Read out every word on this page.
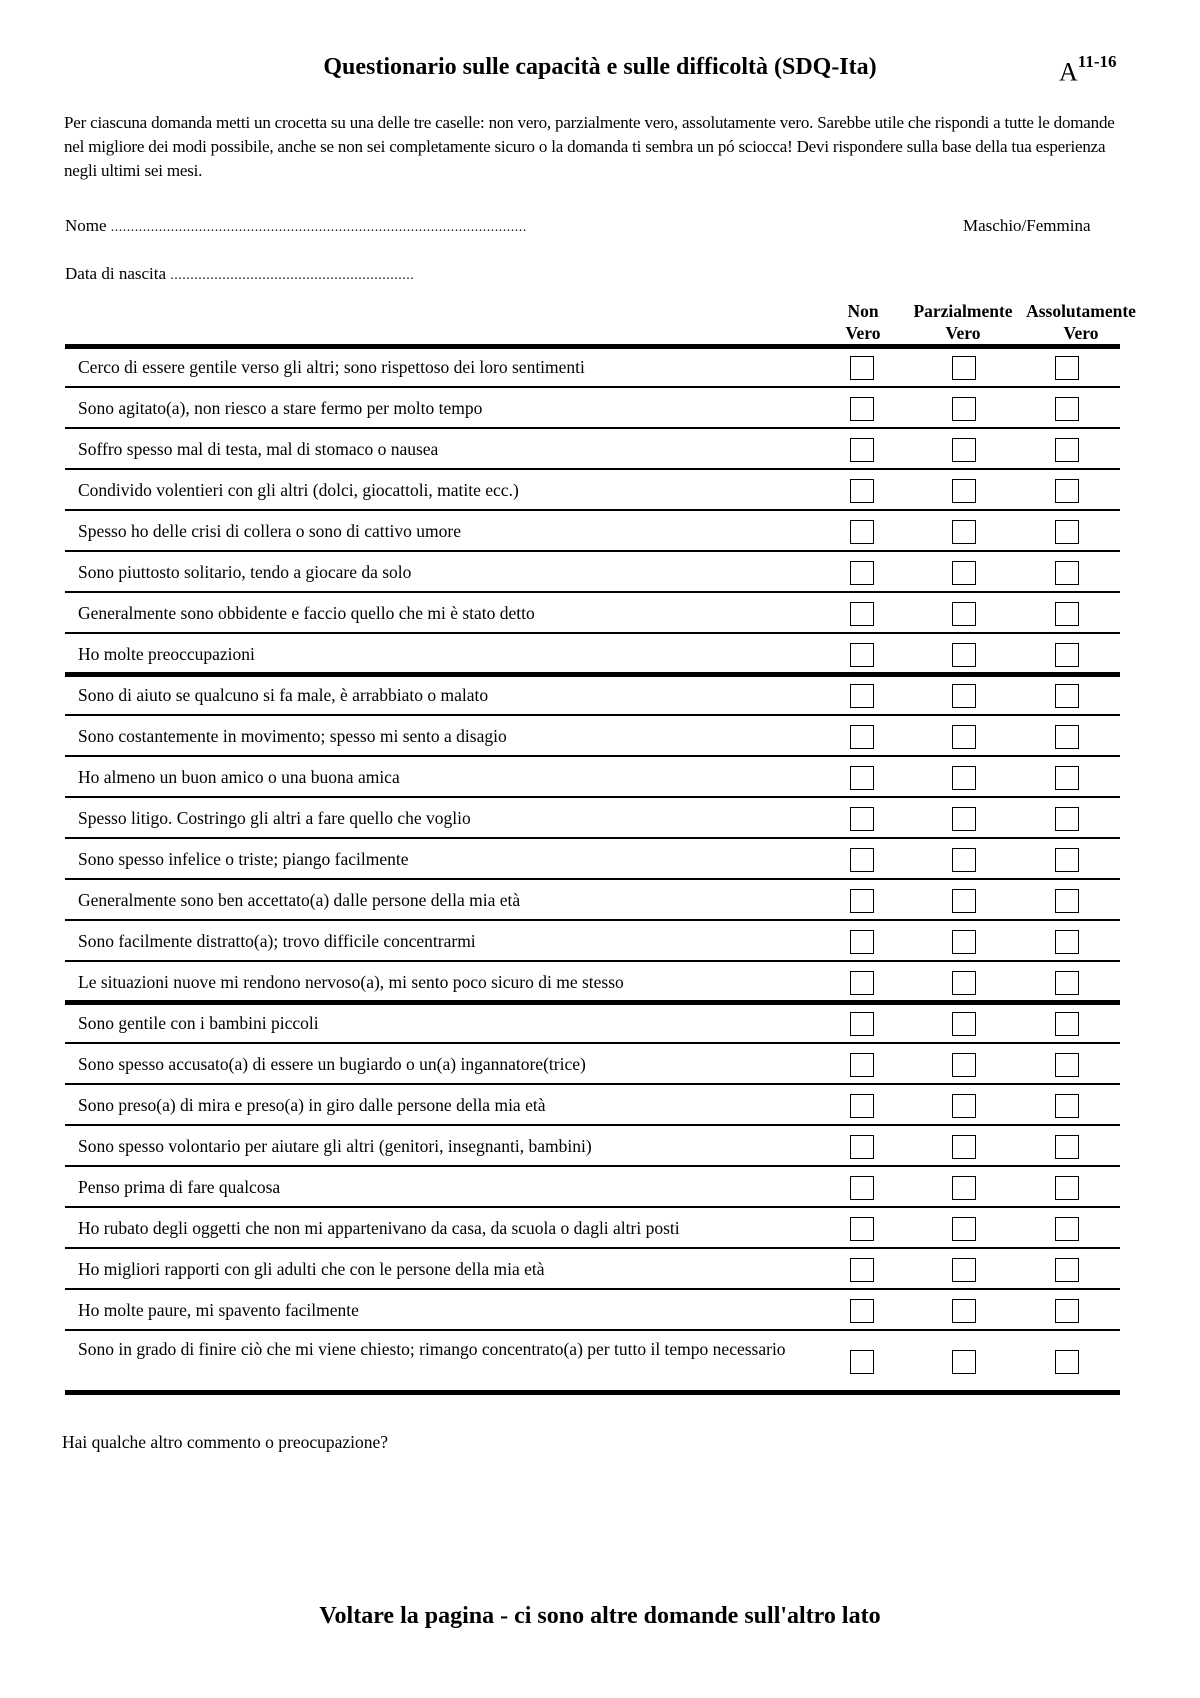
Questionario sulle capacità e sulle difficoltà (SDQ-Ita)	$A^{11-16}$
Per ciascuna domanda metti un crocetta su una delle tre caselle: non vero, parzialmente vero, assolutamente vero. Sarebbe utile che rispondi a tutte le domande nel migliore dei modi possibile, anche se non sei completamente sicuro o la domanda ti sembra un pó sciocca! Devi rispondere sulla base della tua esperienza negli ultimi sei mesi.
Nome ........................................................................................................	Maschio/Femmina
Data di nascita .............................................................
Non
Vero
Parzialmente
Vero
Assolutamente
Vero
Cerco di essere gentile verso gli altri; sono rispettoso dei loro sentimenti
Sono agitato(a), non riesco a stare fermo per molto tempo
Soffro spesso mal di testa, mal di stomaco o nausea
Condivido volentieri con gli altri (dolci, giocattoli, matite ecc.)
Spesso ho delle crisi di collera o sono di cattivo umore
Sono piuttosto solitario, tendo a giocare da solo
Generalmente sono obbidente e faccio quello che mi è stato detto
Ho molte preoccupazioni
Sono di aiuto se qualcuno si fa male, è arrabbiato o malato
Sono costantemente in movimento; spesso mi sento a disagio
Ho almeno un buon amico o una buona amica
Spesso litigo. Costringo gli altri a fare quello che voglio
Sono spesso infelice o triste; piango facilmente
Generalmente sono ben accettato(a) dalle persone della mia età
Sono facilmente distratto(a); trovo difficile concentrarmi
Le situazioni nuove mi rendono nervoso(a), mi sento poco sicuro di me stesso
Sono gentile con i bambini piccoli
Sono spesso accusato(a) di essere un bugiardo o un(a) ingannatore(trice)
Sono preso(a) di mira e preso(a) in giro dalle persone della mia età
Sono spesso volontario per aiutare gli altri (genitori, insegnanti, bambini)
Penso prima di fare qualcosa
Ho rubato degli oggetti che non mi appartenivano da casa, da scuola o dagli altri posti
Ho migliori rapporti con gli adulti che con le persone della mia età
Ho molte paure, mi spavento facilmente
Sono in grado di finire ciò che mi viene chiesto; rimango concentrato(a) per tutto il tempo necessario
Hai qualche altro commento o preocupazione?
Voltare la pagina - ci sono altre domande sull'altro lato
